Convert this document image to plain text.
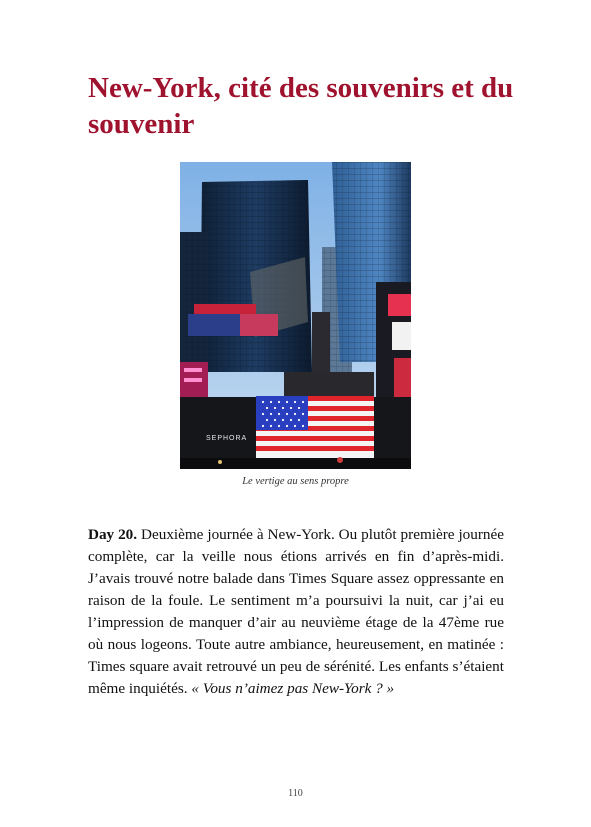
New-York, cité des souvenirs et du souvenir
SEPHORA
Le vertige au sens propre

Day 20. Deuxième journée à New-York. Ou plutôt première journée complète, car la veille nous étions arrivés en fin d’après-midi. J’avais trouvé notre balade dans Times Square assez oppressante en raison de la foule. Le sentiment m’a poursuivi la nuit, car j’ai eu l’impression de manquer d’air au neuvième étage de la 47ème rue où nous logeons. Toute autre ambiance, heureusement, en matinée : Times square avait retrouvé un peu de sérénité. Les enfants s’étaient même inquiétés. « Vous n’aimez pas New-York ? »

110
